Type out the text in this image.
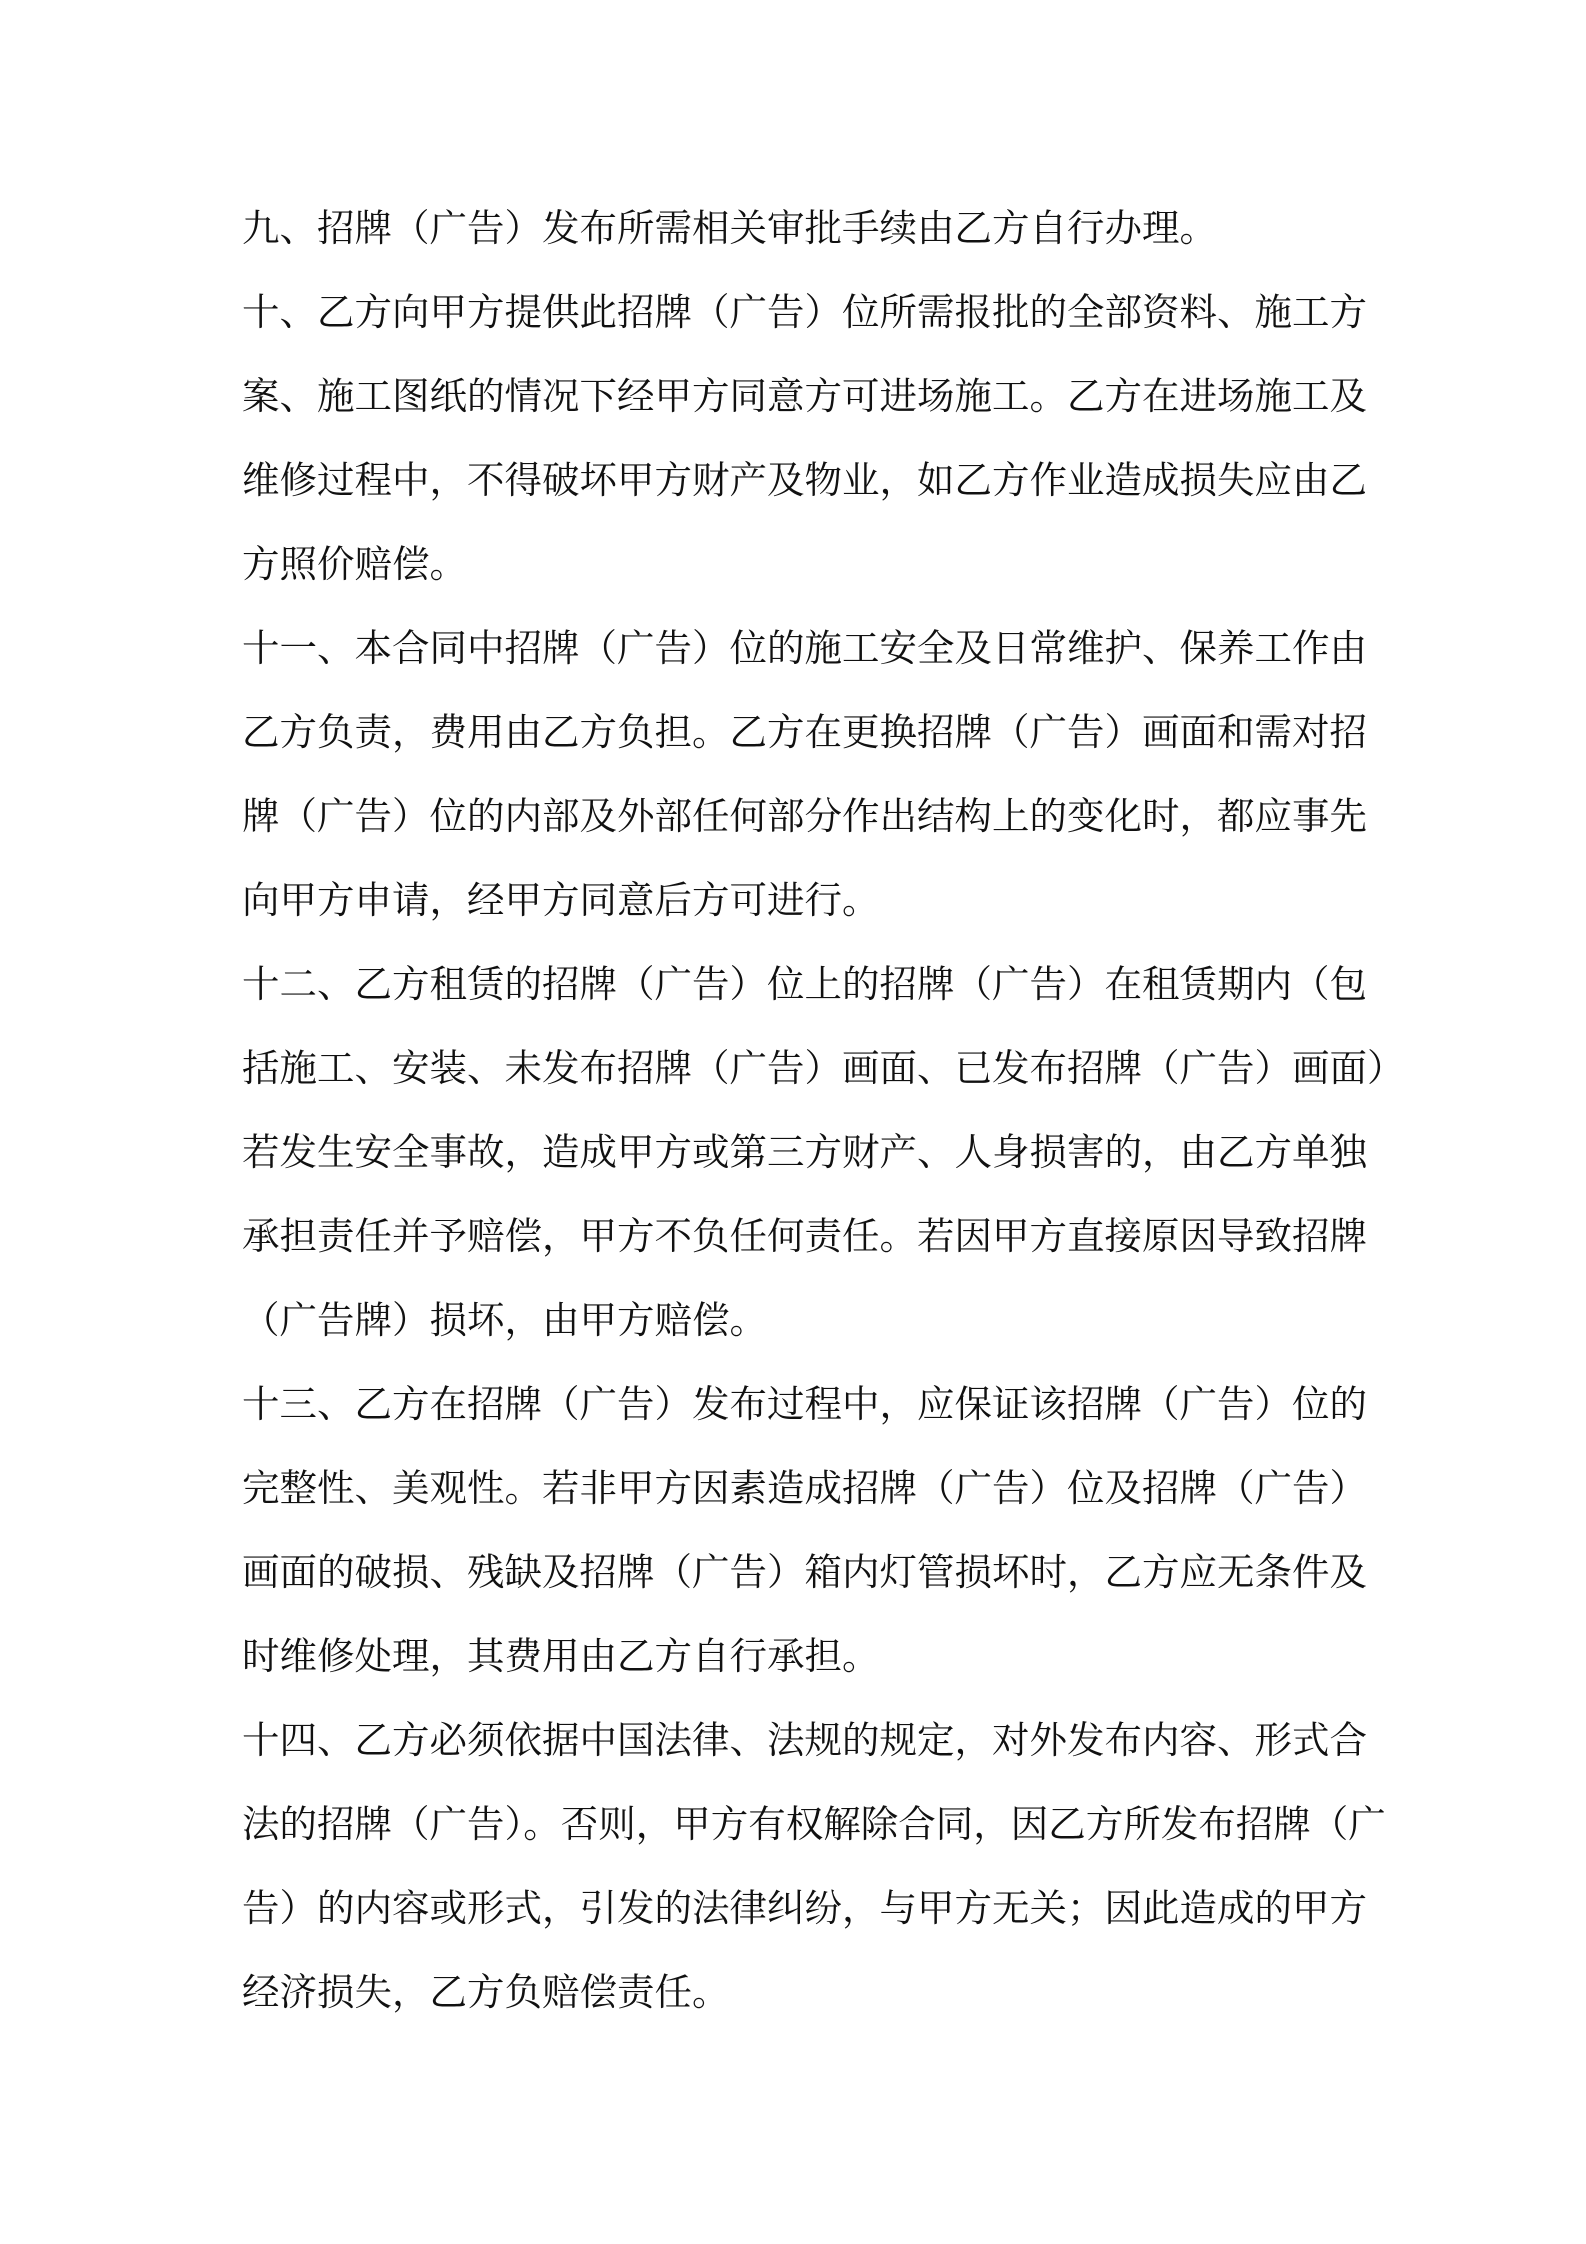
九、招牌（广告）发布所需相关审批手续由乙方自行办理。
十、乙方向甲方提供此招牌（广告）位所需报批的全部资料、施工方
案、施工图纸的情况下经甲方同意方可进场施工。乙方在进场施工及
维修过程中，不得破坏甲方财产及物业，如乙方作业造成损失应由乙
方照价赔偿。
十一、本合同中招牌（广告）位的施工安全及日常维护、保养工作由
乙方负责，费用由乙方负担。乙方在更换招牌（广告）画面和需对招
牌（广告）位的内部及外部任何部分作出结构上的变化时，都应事先
向甲方申请，经甲方同意后方可进行。
十二、乙方租赁的招牌（广告）位上的招牌（广告）在租赁期内（包
括施工、安装、未发布招牌（广告）画面、已发布招牌（广告）画面）
若发生安全事故，造成甲方或第三方财产、人身损害的，由乙方单独
承担责任并予赔偿，甲方不负任何责任。若因甲方直接原因导致招牌
（广告牌）损坏，由甲方赔偿。
十三、乙方在招牌（广告）发布过程中，应保证该招牌（广告）位的
完整性、美观性。若非甲方因素造成招牌（广告）位及招牌（广告）
画面的破损、残缺及招牌（广告）箱内灯管损坏时，乙方应无条件及
时维修处理，其费用由乙方自行承担。
十四、乙方必须依据中国法律、法规的规定，对外发布内容、形式合
法的招牌（广告）。否则，甲方有权解除合同，因乙方所发布招牌（广
告）的内容或形式，引发的法律纠纷，与甲方无关；因此造成的甲方
经济损失，乙方负赔偿责任。
